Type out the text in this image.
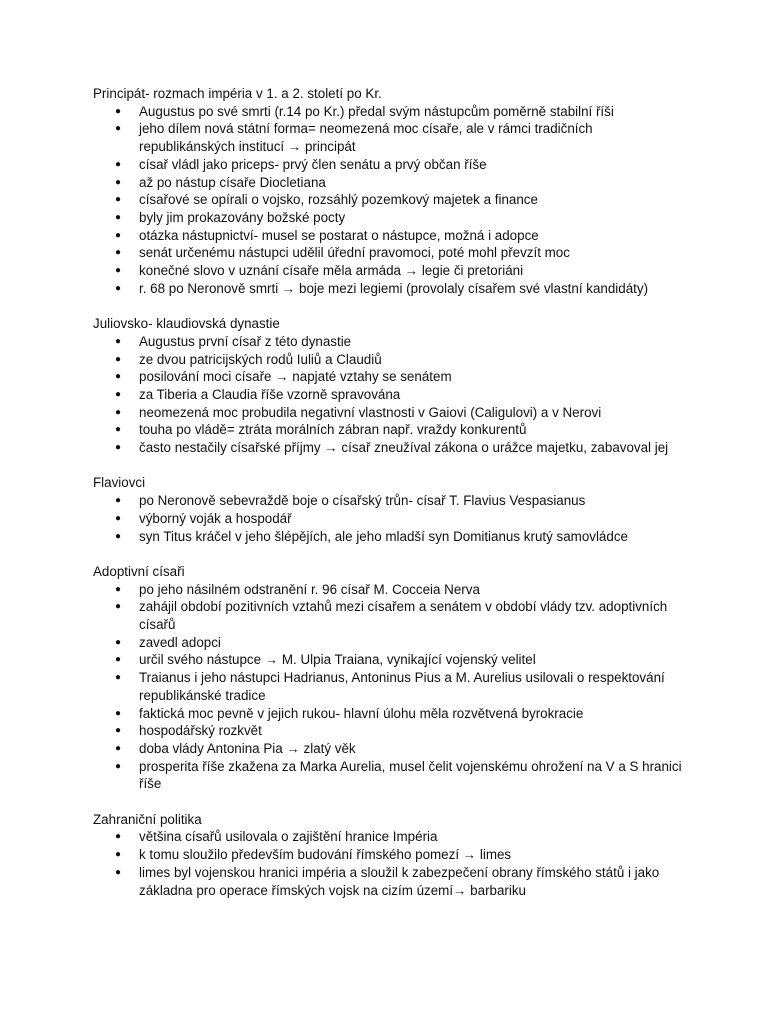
Principát- rozmach impéria v 1. a 2. století po Kr.

● Augustus po své smrti (r.14 po Kr.) předal svým nástupcům poměrně stabilní říši
● jeho dílem nová státní forma= neomezená moc císaře, ale v rámci tradičních republikánských institucí → principát
● císař vládl jako priceps- prvý člen senátu a prvý občan říše
● až po nástup císaře Diocletiana
● císařové se opírali o vojsko, rozsáhlý pozemkový majetek a finance
● byly jim prokazovány božské pocty
● otázka nástupnictví- musel se postarat o nástupce, možná i adopce
● senát určenému nástupci udělil úřední pravomoci, poté mohl převzít moc
● konečné slovo v uznání císaře měla armáda → legie či pretoriáni
● r. 68 po Neronově smrti → boje mezi legiemi (provolaly císařem své vlastní kandidáty)

Juliovsko- klaudiovská dynastie

● Augustus první císař z této dynastie
● ze dvou patricijských rodů Iuliů a Claudiů
● posilování moci císaře → napjaté vztahy se senátem
● za Tiberia a Claudia říše vzorně spravována
● neomezená moc probudila negativní vlastnosti v Gaiovi (Caligulovi) a v Nerovi
● touha po vládě= ztráta morálních zábran např. vraždy konkurentů
● často nestačily císařské příjmy → císař zneužíval zákona o urážce majetku, zabavoval jej

Flaviovci

● po Neronově sebevraždě boje o císařský trůn- císař T. Flavius Vespasianus
● výborný voják a hospodář
● syn Titus kráčel v jeho šlépějích, ale jeho mladší syn Domitianus krutý samovládce

Adoptivní císaři

● po jeho násilném odstranění r. 96 císař M. Cocceia Nerva
● zahájil období pozitivních vztahů mezi císařem a senátem v období vlády tzv. adoptivních císařů
● zavedl adopci
● určil svého nástupce → M. Ulpia Traiana, vynikající vojenský velitel
● Traianus i jeho nástupci Hadrianus, Antoninus Pius a M. Aurelius usilovali o respektování republikánské tradice
● faktická moc pevně v jejich rukou- hlavní úlohu měla rozvětvená byrokracie
● hospodářský rozkvět
● doba vlády Antonina Pia → zlatý věk
● prosperita říše zkažena za Marka Aurelia, musel čelit vojenskému ohrožení na V a S hranici říše

Zahraniční politika

● většina císařů usilovala o zajištění hranice Impéria
● k tomu sloužilo především budování římského pomezí → limes
● limes byl vojenskou hranici impéria a sloužil k zabezpečení obrany římského států i jako základna pro operace římských vojsk na cizím území→ barbariku
